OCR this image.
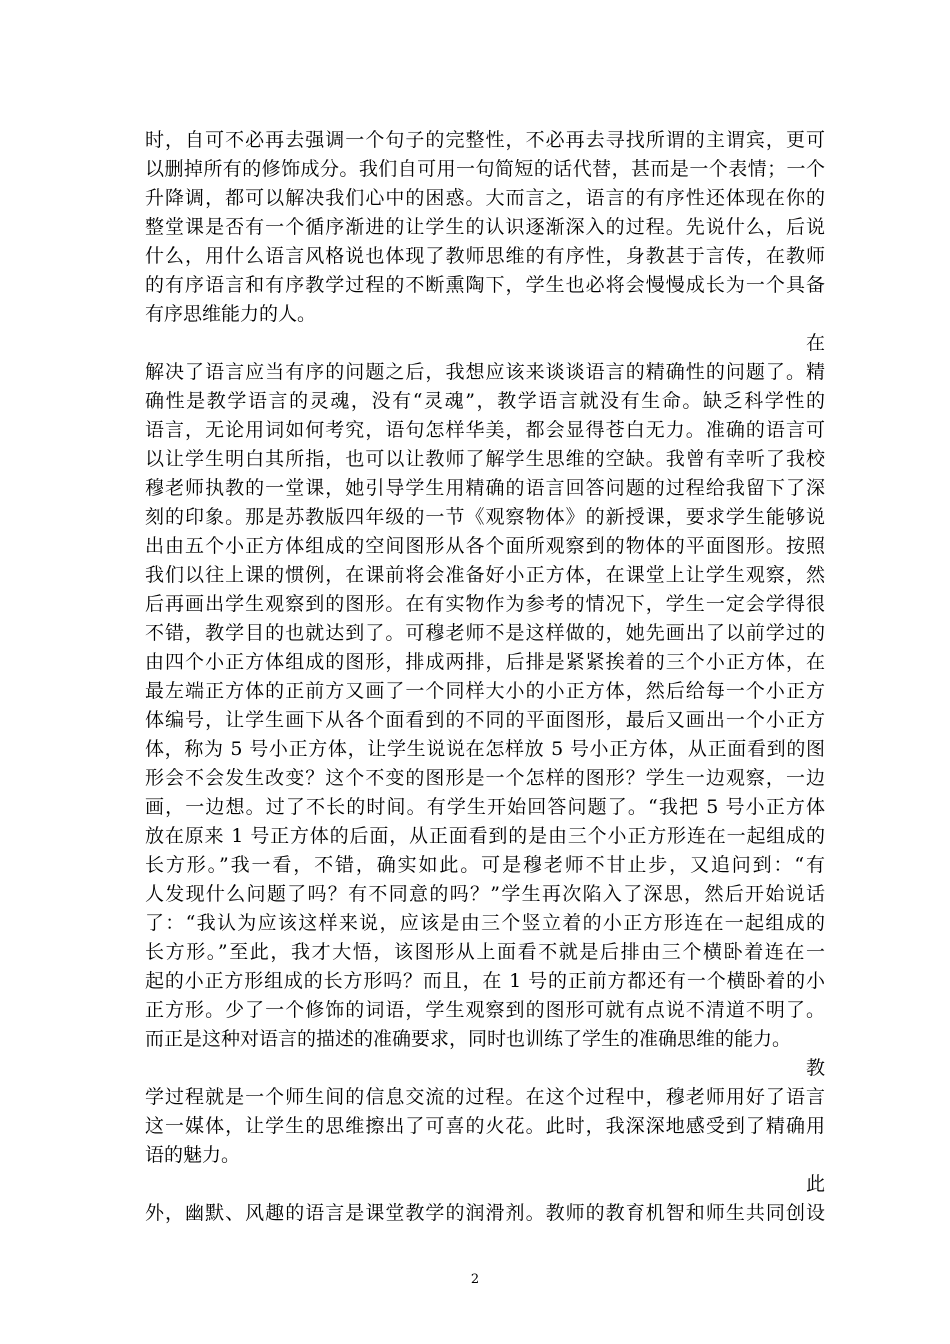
时，自可不必再去强调一个句子的完整性，不必再去寻找所谓的主谓宾，更可
以删掉所有的修饰成分。我们自可用一句简短的话代替，甚而是一个表情；一个
升降调，都可以解决我们心中的困惑。大而言之，语言的有序性还体现在你的
整堂课是否有一个循序渐进的让学生的认识逐渐深入的过程。先说什么，后说
什么，用什么语言风格说也体现了教师思维的有序性，身教甚于言传，在教师
的有序语言和有序教学过程的不断熏陶下，学生也必将会慢慢成长为一个具备
有序思维能力的人。
在
解决了语言应当有序的问题之后，我想应该来谈谈语言的精确性的问题了。精
确性是教学语言的灵魂，没有“灵魂”，教学语言就没有生命。缺乏科学性的
语言，无论用词如何考究，语句怎样华美，都会显得苍白无力。准确的语言可
以让学生明白其所指，也可以让教师了解学生思维的空缺。我曾有幸听了我校
穆老师执教的一堂课，她引导学生用精确的语言回答问题的过程给我留下了深
刻的印象。那是苏教版四年级的一节《观察物体》的新授课，要求学生能够说
出由五个小正方体组成的空间图形从各个面所观察到的物体的平面图形。按照
我们以往上课的惯例，在课前将会准备好小正方体，在课堂上让学生观察，然
后再画出学生观察到的图形。在有实物作为参考的情况下，学生一定会学得很
不错，教学目的也就达到了。可穆老师不是这样做的，她先画出了以前学过的
由四个小正方体组成的图形，排成两排，后排是紧紧挨着的三个小正方体，在
最左端正方体的正前方又画了一个同样大小的小正方体，然后给每一个小正方
体编号，让学生画下从各个面看到的不同的平面图形，最后又画出一个小正方
体，称为 5 号小正方体，让学生说说在怎样放 5 号小正方体，从正面看到的图
形会不会发生改变？这个不变的图形是一个怎样的图形？学生一边观察，一边
画，一边想。过了不长的时间。有学生开始回答问题了。“我把 5 号小正方体
放在原来 1 号正方体的后面，从正面看到的是由三个小正方形连在一起组成的
长方形。”我一看，不错，确实如此。可是穆老师不甘止步，又追问到：“有
人发现什么问题了吗？有不同意的吗？”学生再次陷入了深思，然后开始说话
了：“我认为应该这样来说，应该是由三个竖立着的小正方形连在一起组成的
长方形。”至此，我才大悟，该图形从上面看不就是后排由三个横卧着连在一
起的小正方形组成的长方形吗？而且，在 1 号的正前方都还有一个横卧着的小
正方形。少了一个修饰的词语，学生观察到的图形可就有点说不清道不明了。
而正是这种对语言的描述的准确要求，同时也训练了学生的准确思维的能力。
教
学过程就是一个师生间的信息交流的过程。在这个过程中，穆老师用好了语言
这一媒体，让学生的思维擦出了可喜的火花。此时，我深深地感受到了精确用
语的魅力。
此
外，幽默、风趣的语言是课堂教学的润滑剂。教师的教育机智和师生共同创设
2
